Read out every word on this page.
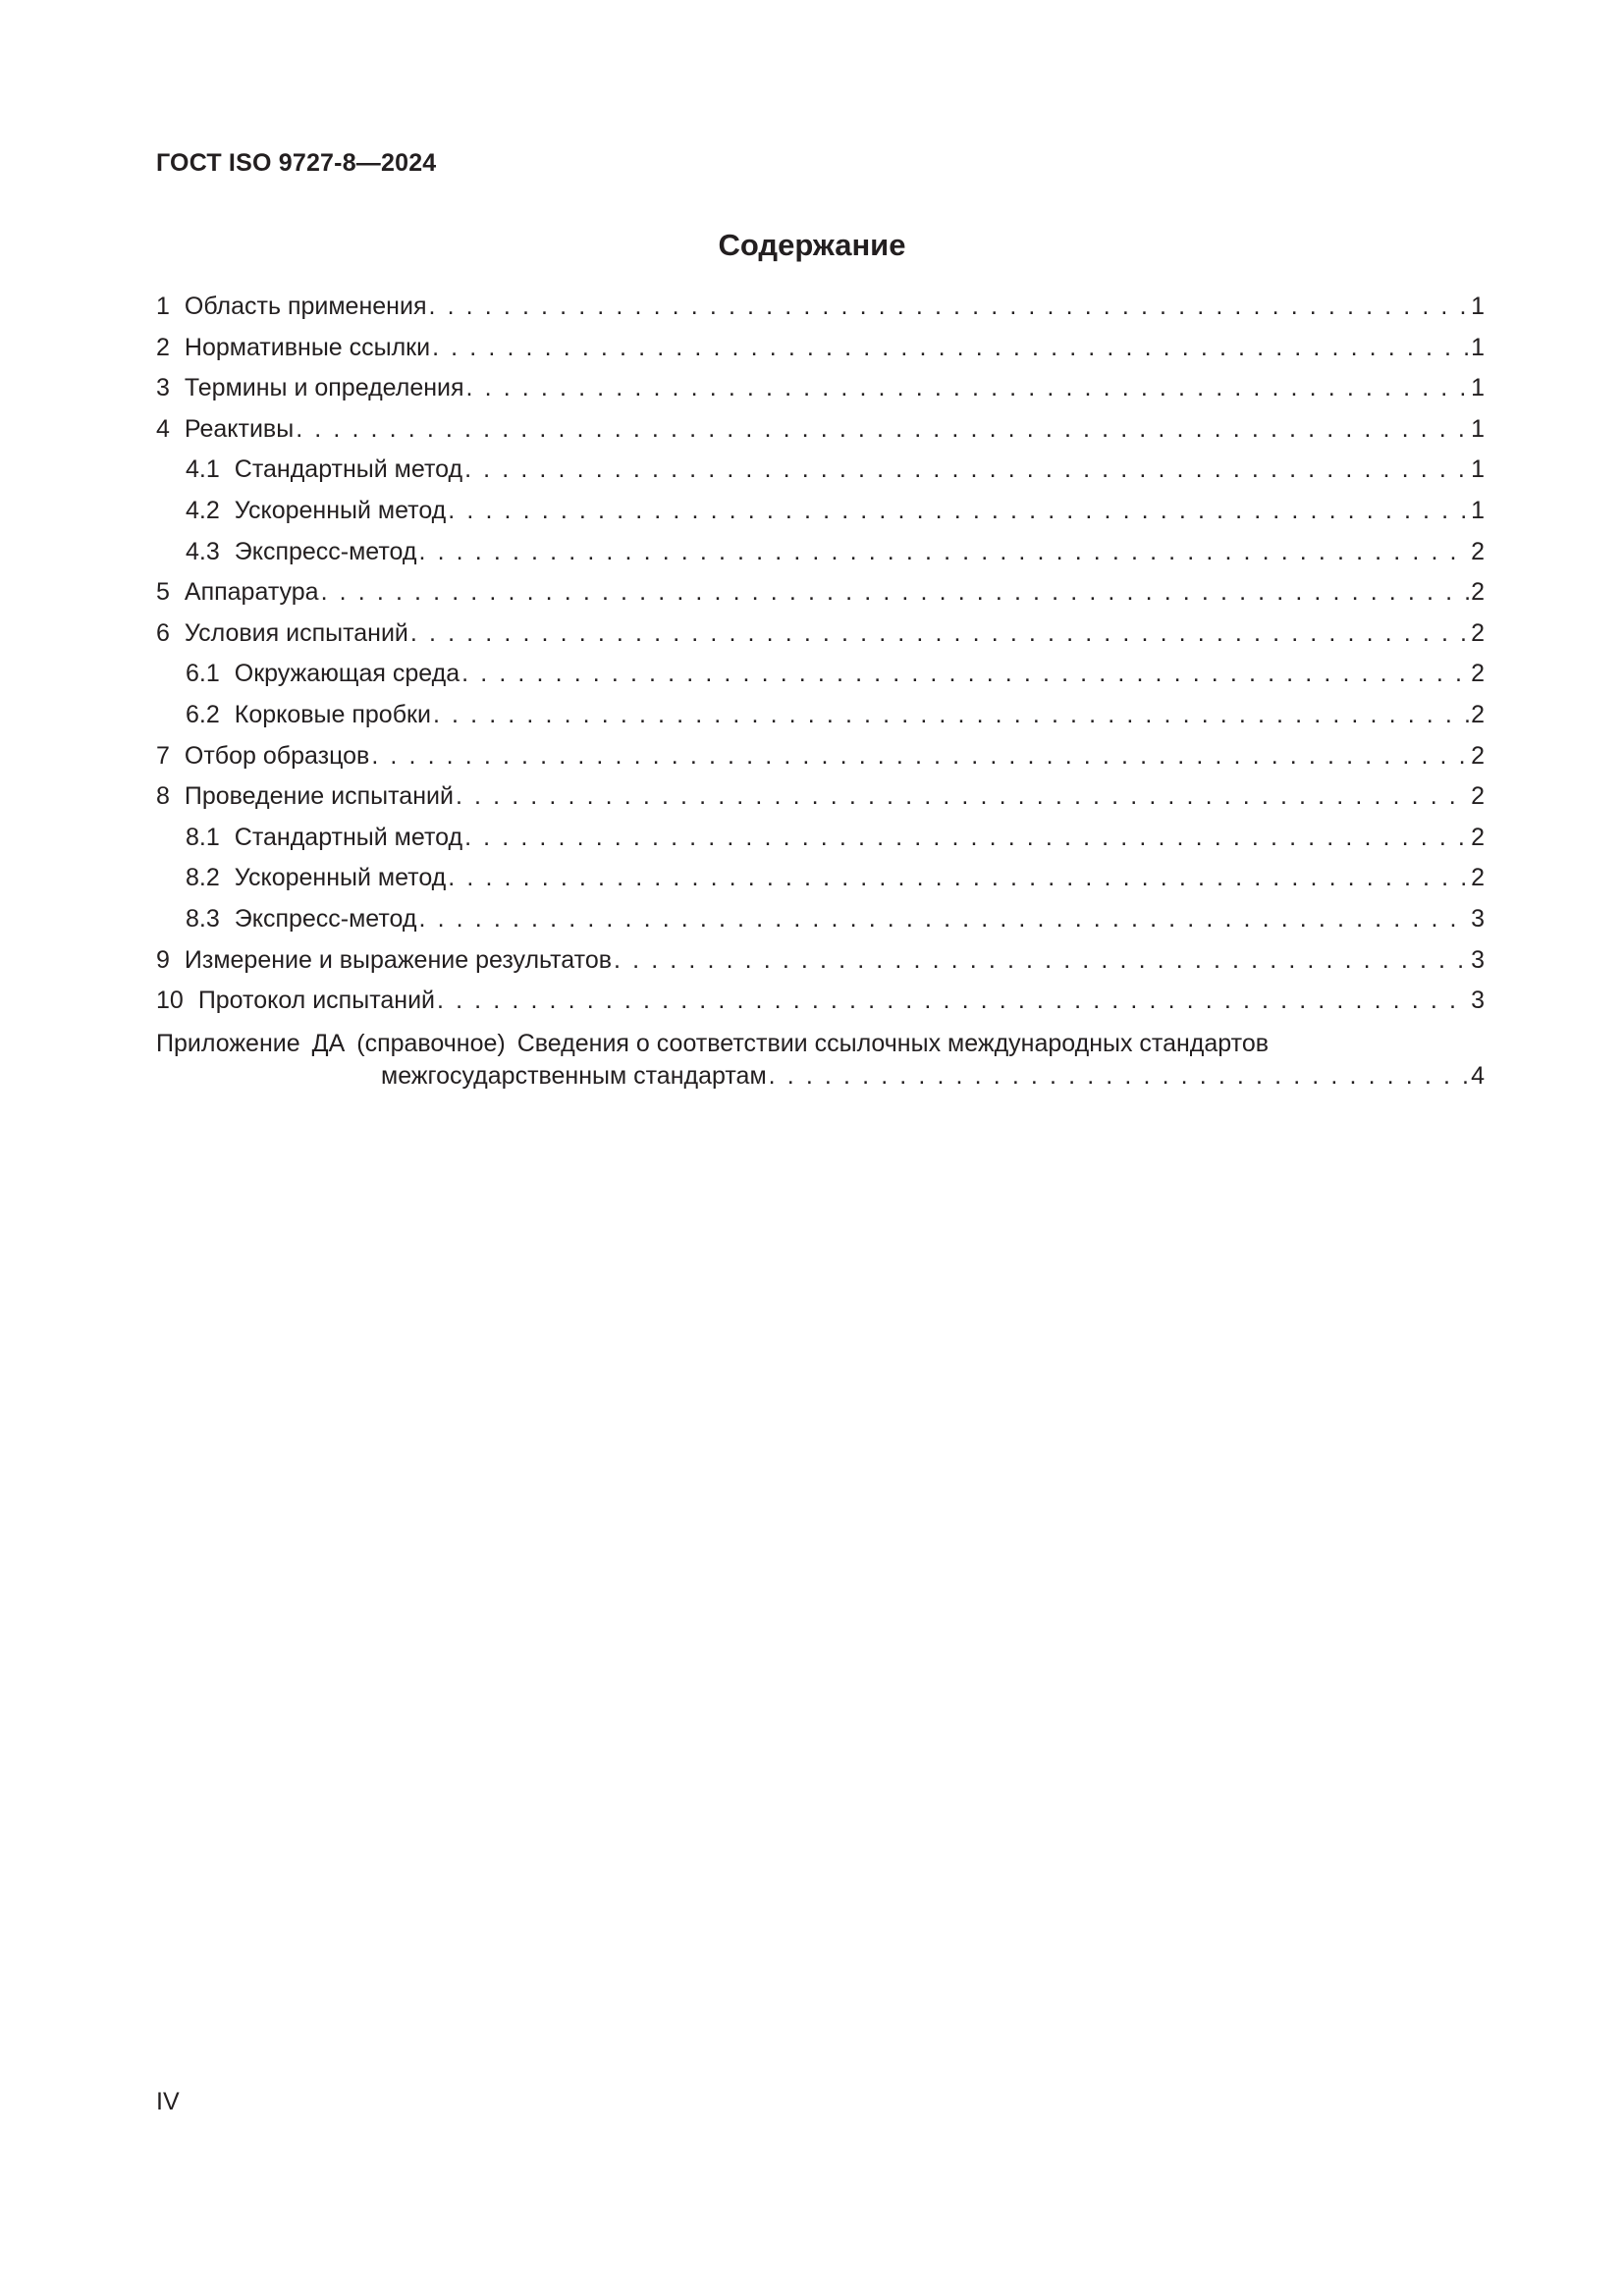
ГОСТ ISO 9727-8—2024
Содержание
1 Область применения . . .	1
2 Нормативные ссылки . . .	1
3 Термины и определения . . .	1
4 Реактивы . . .	1
4.1 Стандартный метод . . .	1
4.2 Ускоренный метод . . .	1
4.3 Экспресс-метод . . .	2
5 Аппаратура . . .	2
6 Условия испытаний . . .	2
6.1 Окружающая среда . . .	2
6.2 Корковые пробки . . .	2
7 Отбор образцов . . .	2
8 Проведение испытаний . . .	2
8.1 Стандартный метод . . .	2
8.2 Ускоренный метод . . .	2
8.3 Экспресс-метод . . .	3
9 Измерение и выражение результатов . . .	3
10 Протокол испытаний . . .	3
Приложение ДА (справочное) Сведения о соответствии ссылочных международных стандартов
межгосударственным стандартам . . .	4
IV
